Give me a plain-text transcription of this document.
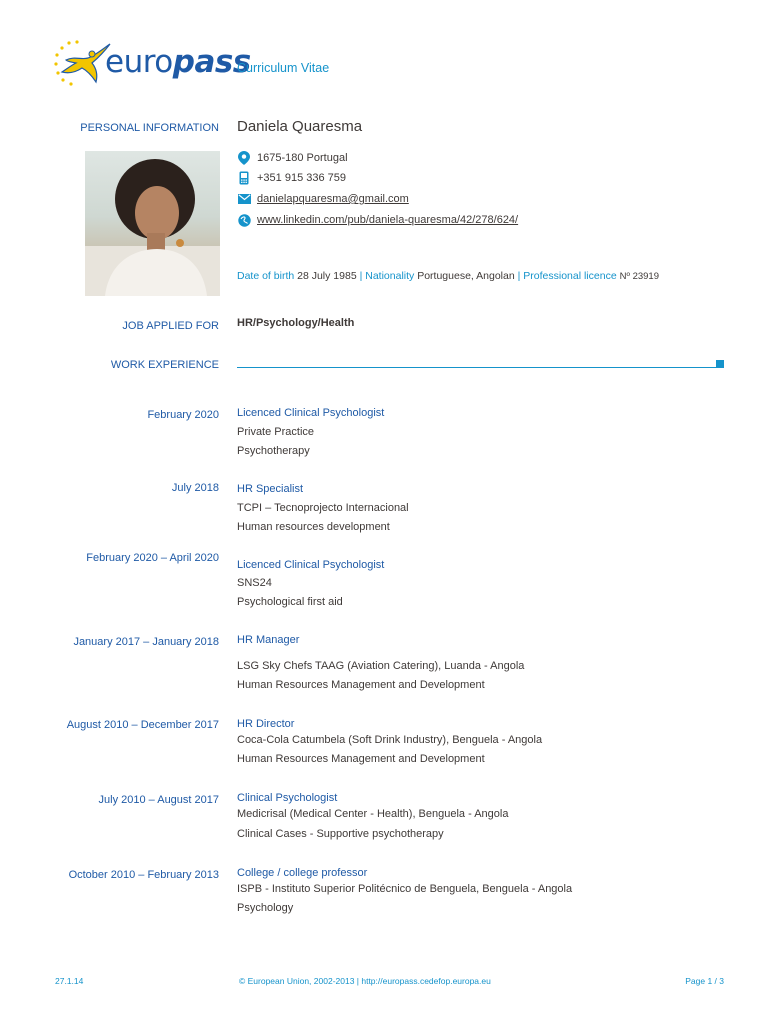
europass
Curriculum Vitae
PERSONAL INFORMATION Daniela Quaresma
1675-180 Portugal
+351 915 336 759
danielapquaresma@gmail.com
www.linkedin.com/pub/daniela-quaresma/42/278/624/
Date of birth 28 July 1985 | Nationality Portuguese, Angolan | Professional licence Nº 23919
JOB APPLIED FOR HR/Psychology/Health
WORK EXPERIENCE
February 2020 Licenced Clinical Psychologist
Private Practice
Psychotherapy
July 2018 HR Specialist
TCPI – Tecnoprojecto Internacional
Human resources development
February 2020 – April 2020
Licenced Clinical Psychologist
SNS24
Psychological first aid
January 2017 – January 2018 HR Manager
LSG Sky Chefs TAAG (Aviation Catering), Luanda - Angola
Human Resources Management and Development
August 2010 – December 2017 HR Director
Coca-Cola Catumbela (Soft Drink Industry), Benguela - Angola
Human Resources Management and Development
July 2010 – August 2017 Clinical Psychologist
Medicrisal (Medical Center - Health), Benguela - Angola
Clinical Cases - Supportive psychotherapy
October 2010 – February 2013 College / college professor
ISPB - Instituto Superior Politécnico de Benguela, Benguela - Angola
Psychology
27.1.14	© European Union, 2002-2013 | http://europass.cedefop.europa.eu	Page 1 / 3
